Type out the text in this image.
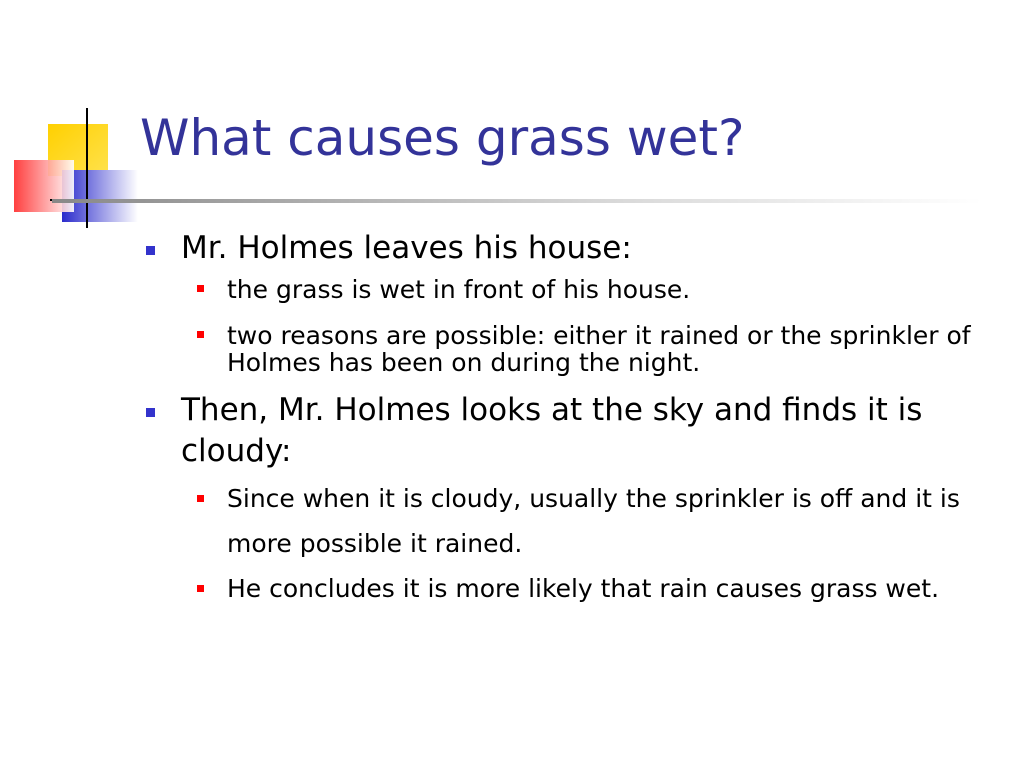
What causes grass wet?
Mr. Holmes leaves his house:
the grass is wet in front of his house.
two reasons are possible: either it rained or the sprinkler of Holmes has been on during the night.
Then, Mr. Holmes looks at the sky and finds it is cloudy:
Since when it is cloudy, usually the sprinkler is off and it is more possible it rained.
He concludes it is more likely that rain causes grass wet.
